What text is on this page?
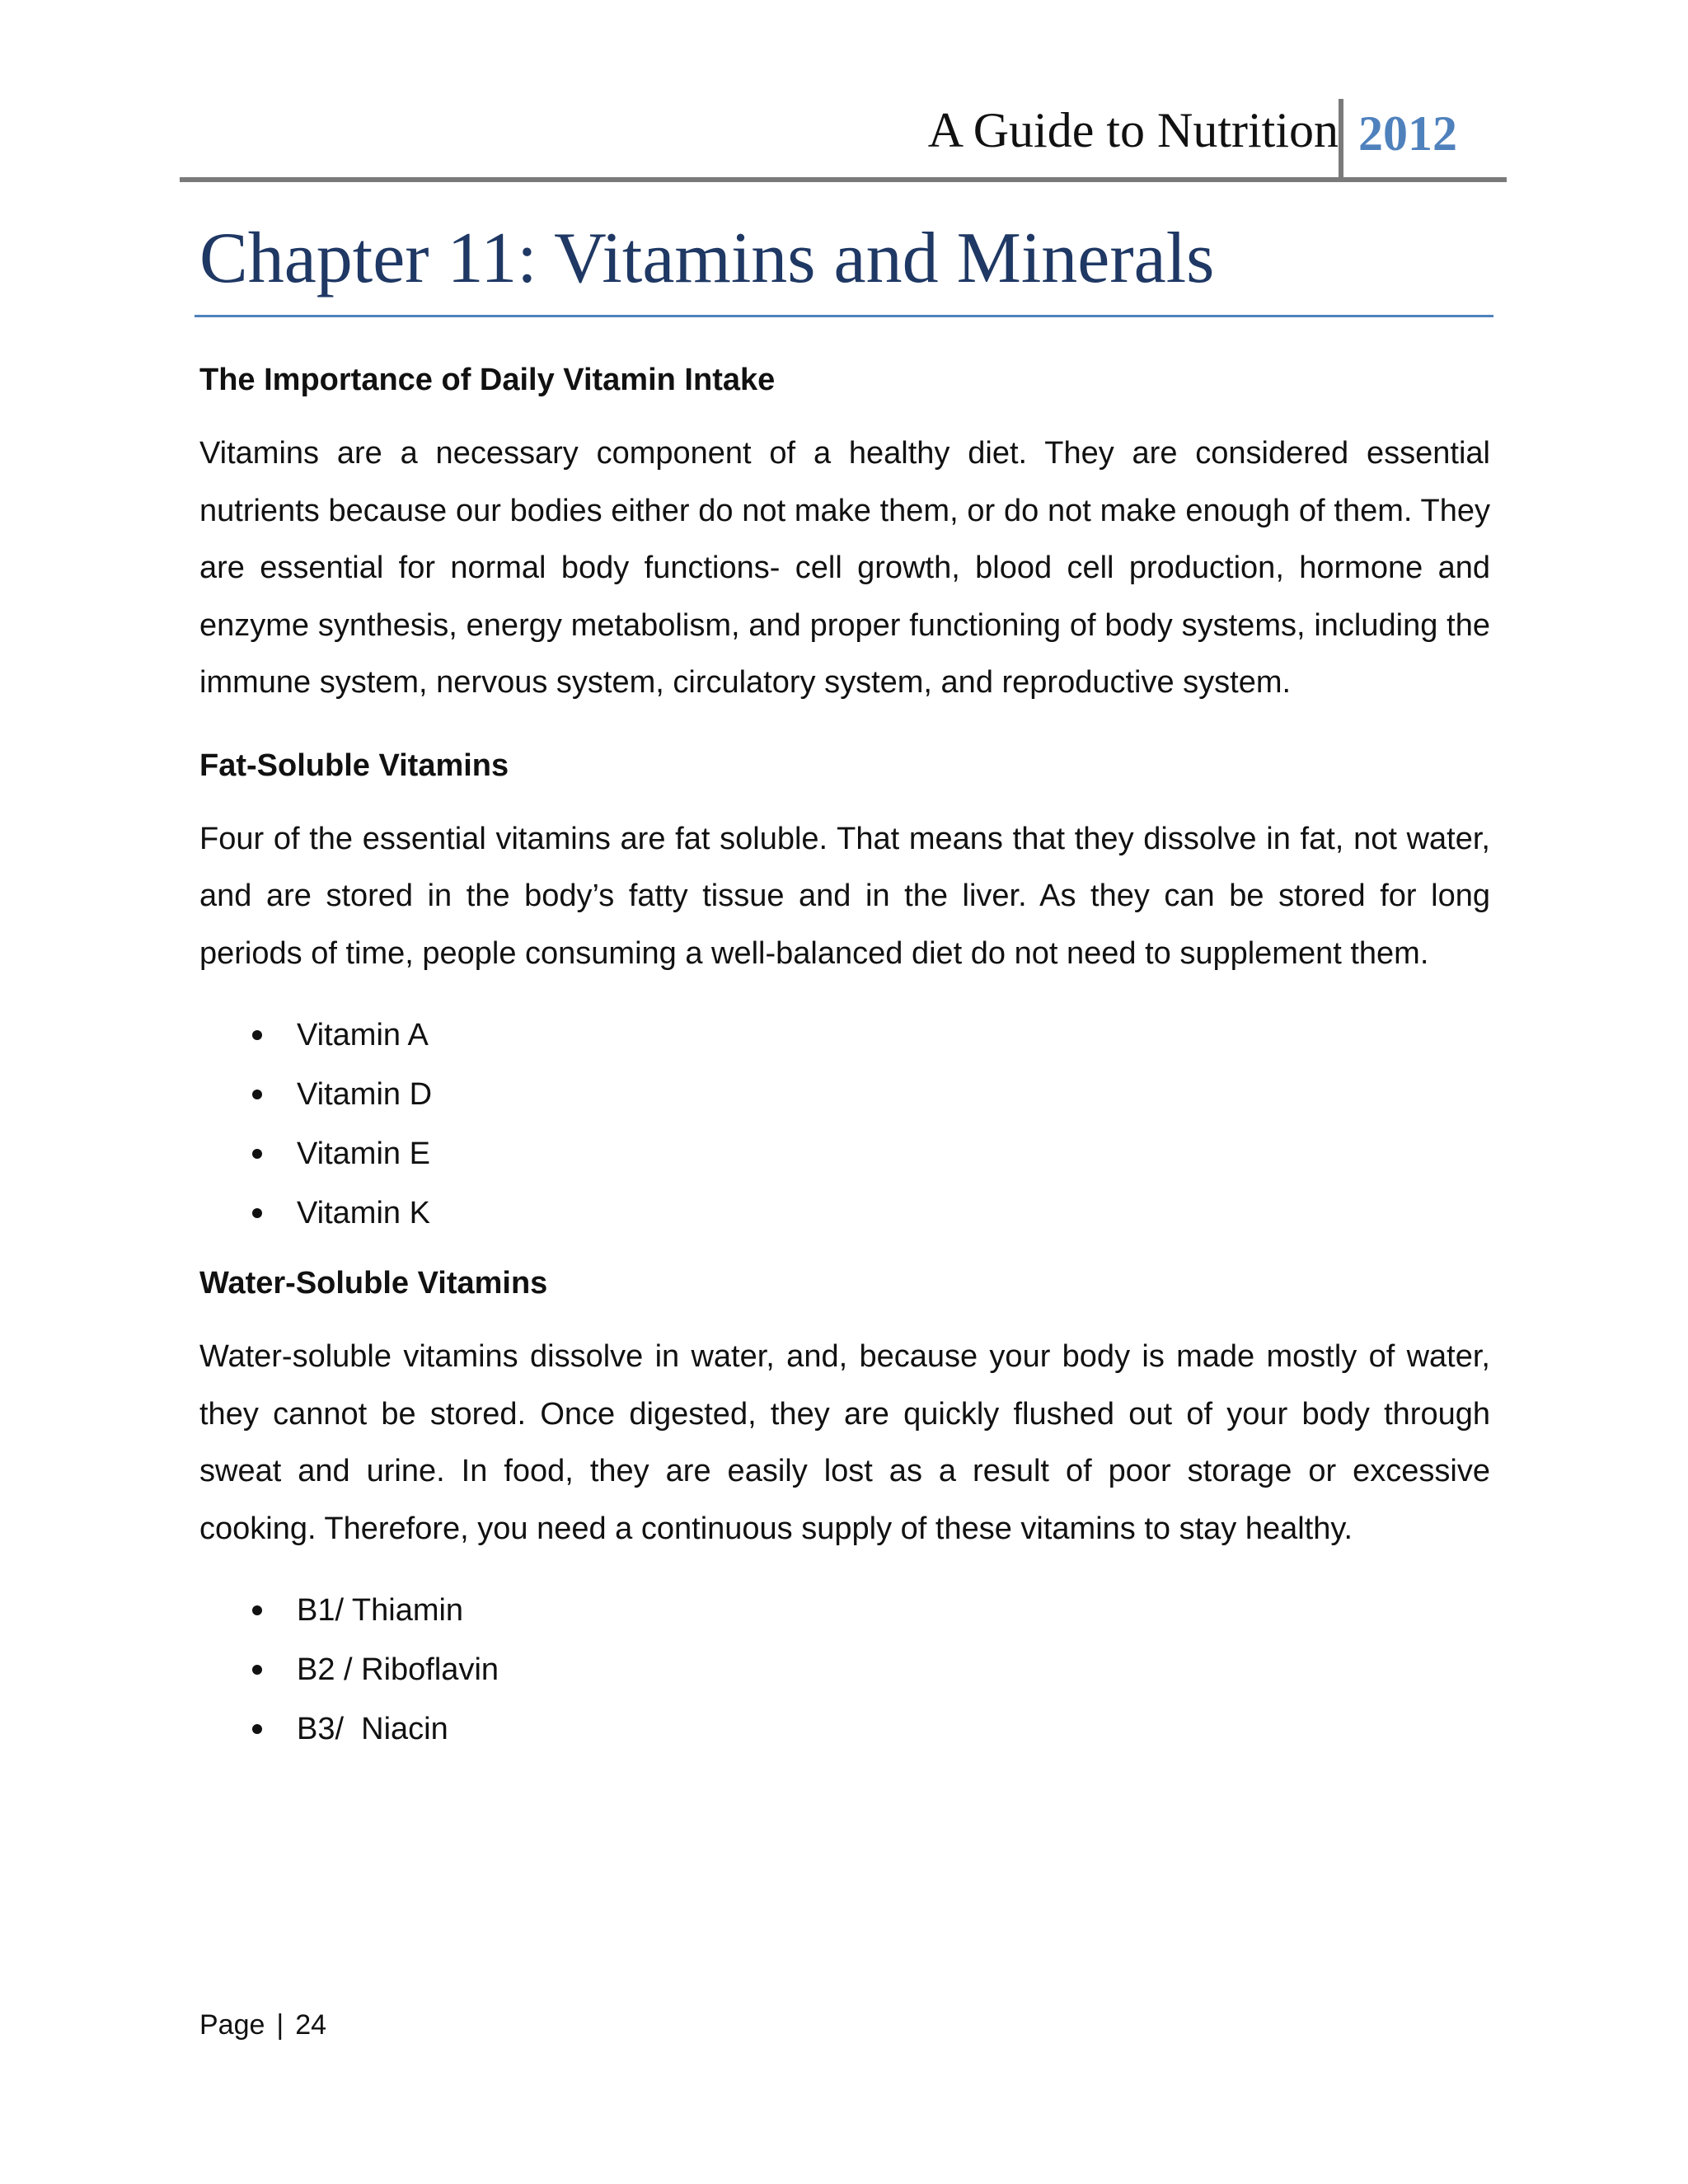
A Guide to Nutrition 2012
Chapter 11: Vitamins and Minerals
The Importance of Daily Vitamin Intake

Vitamins are a necessary component of a healthy diet. They are considered essential nutrients because our bodies either do not make them, or do not make enough of them. They are essential for normal body functions- cell growth, blood cell production, hormone and enzyme synthesis, energy metabolism, and proper functioning of body systems, including the immune system, nervous system, circulatory system, and reproductive system.

Fat-Soluble Vitamins

Four of the essential vitamins are fat soluble. That means that they dissolve in fat, not water, and are stored in the body’s fatty tissue and in the liver. As they can be stored for long periods of time, people consuming a well-balanced diet do not need to supplement them.

Vitamin A
Vitamin D
Vitamin E
Vitamin K
Water-Soluble Vitamins

Water-soluble vitamins dissolve in water, and, because your body is made mostly of water, they cannot be stored. Once digested, they are quickly flushed out of your body through sweat and urine. In food, they are easily lost as a result of poor storage or excessive cooking. Therefore, you need a continuous supply of these vitamins to stay healthy.

B1/ Thiamin
B2 / Riboflavin
B3/  Niacin
Page | 24
